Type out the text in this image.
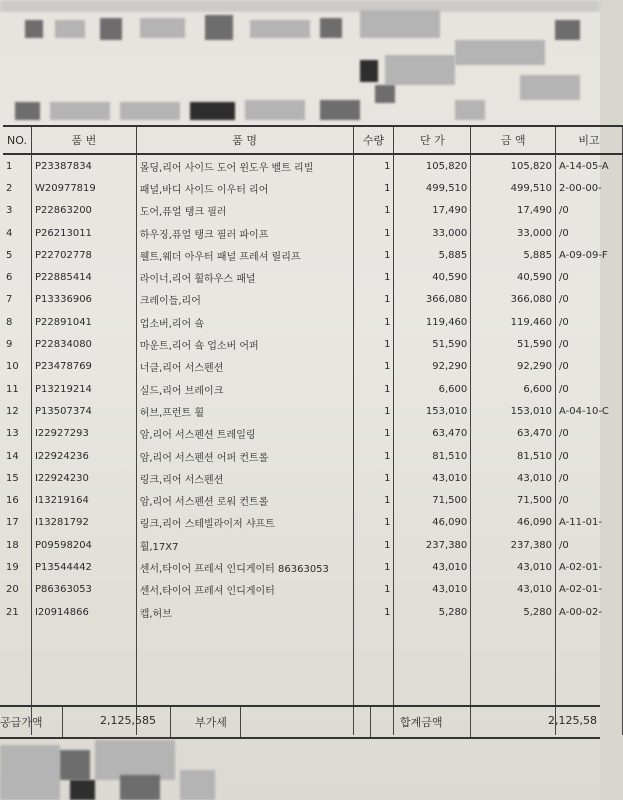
NO.	품 번	품 명	수량	단 가	금 액	비고
1	P23387834	몰딩,리어 사이드 도어 윈도우 벨트 리빌	1	105,820	105,820	A-14-05-A
2	W20977819	패널,바디 사이드 이우터 리어	1	499,510	499,510	2-00-00-
3	P22863200	도어,퓨얼 탱크 필러	1	17,490	17,490	/0
4	P26213011	하우징,퓨얼 탱크 필러 파이프	1	33,000	33,000	/0
5	P22702778	웰트,웨더 아우터 패널 프레셔 릴리프	1	5,885	5,885	A-09-09-F
6	P22885414	라이너,리어 휠하우스 패널	1	40,590	40,590	/0
7	P13336906	크레이들,리어	1	366,080	366,080	/0
8	P22891041	업소버,리어 숔	1	119,460	119,460	/0
9	P22834080	마운트,리어 숔 업소버 어퍼	1	51,590	51,590	/0
10	P23478769	너클,리어 서스펜션	1	92,290	92,290	/0
11	P13219214	실드,리어 브레이크	1	6,600	6,600	/0
12	P13507374	허브,프런트 휠	1	153,010	153,010	A-04-10-C
13	I22927293	암,리어 서스펜션 트레일링	1	63,470	63,470	/0
14	I22924236	암,리어 서스펜션 어퍼 컨트롤	1	81,510	81,510	/0
15	I22924230	링크,리어 서스펜션	1	43,010	43,010	/0
16	I13219164	암,리어 서스펜션 로워 컨트롤	1	71,500	71,500	/0
17	I13281792	링크,리어 스테빌라이저 샤프트	1	46,090	46,090	A-11-01-
18	P09598204	휠,17X7	1	237,380	237,380	/0
19	P13544442	센서,타이어 프레셔 인디게이터 86363053	1	43,010	43,010	A-02-01-
20	P86363053	센서,타이어 프레셔 인디게이터	1	43,010	43,010	A-02-01-
21	I20914866	캡,허브	1	5,280	5,280	A-00-02-

공급가액	2,125,585	부가세	합계금액	2,125,58
